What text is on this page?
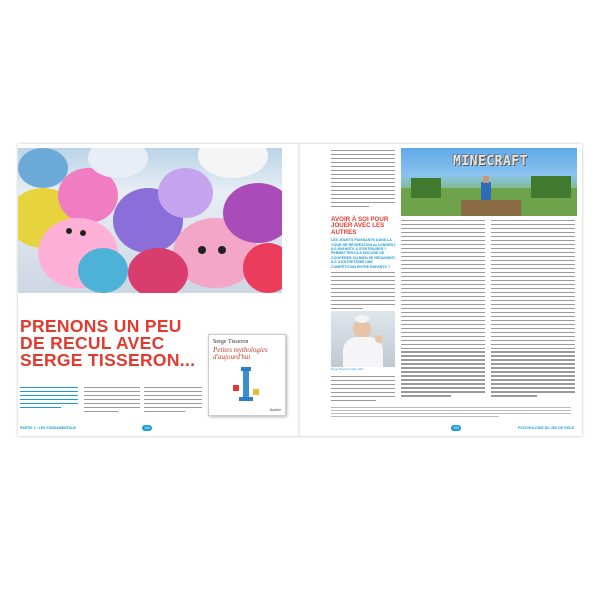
PRENONS UN PEU
DE RECUL AVEC
SERGE TISSERON...
Serge Tisseron
Petites mythologies d'aujourd'hui
Aubier
PARTIE 1 • LES FONDAMENTAUX	194
AVOIR À SOI POUR JOUER AVEC LES AUTRES
LES JOUETS PUISSANTS DANS LA COUR DE RÉCRÉATION ALLONGENT-ILS ENFANTS À S'ENTRAIDER ? PERMETTENT-ILS ENCORE DE COOPÉRER OU BIEN SE RÉDUISENT-ILS À ENTRETENIR UNE COMPÉTITION ENTRE ENFANTS ?
Serge Tisseron à Vitré, 2011
MINECRAFT
195	PSYCHOLOGIE DU JEU DE RÔLE
